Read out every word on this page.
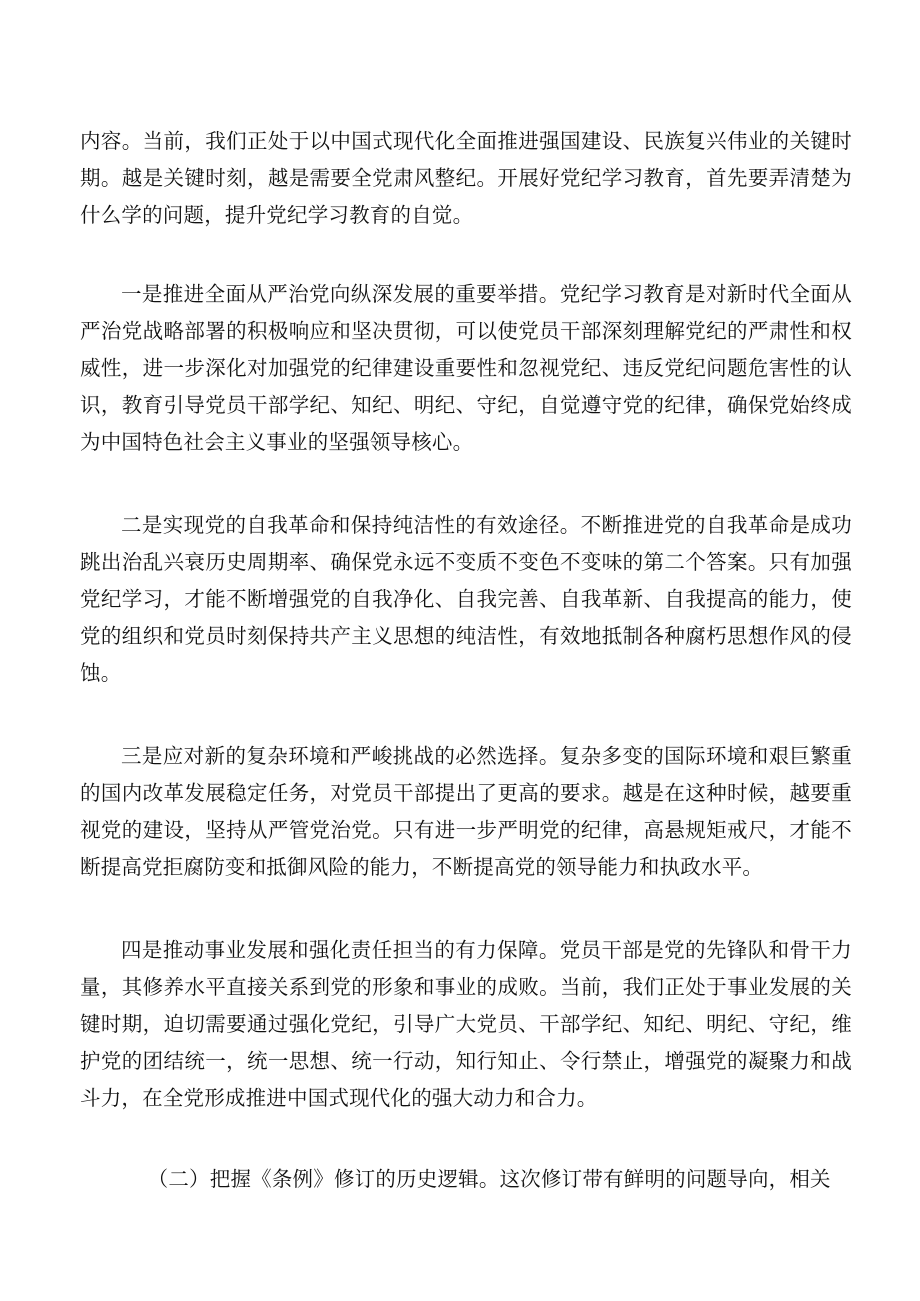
内容。当前，我们正处于以中国式现代化全面推进强国建设、民族复兴伟业的关键时期。越是关键时刻，越是需要全党肃风整纪。开展好党纪学习教育，首先要弄清楚为什么学的问题，提升党纪学习教育的自觉。

一是推进全面从严治党向纵深发展的重要举措。党纪学习教育是对新时代全面从严治党战略部署的积极响应和坚决贯彻，可以使党员干部深刻理解党纪的严肃性和权威性，进一步深化对加强党的纪律建设重要性和忽视党纪、违反党纪问题危害性的认识，教育引导党员干部学纪、知纪、明纪、守纪，自觉遵守党的纪律，确保党始终成为中国特色社会主义事业的坚强领导核心。

二是实现党的自我革命和保持纯洁性的有效途径。不断推进党的自我革命是成功跳出治乱兴衰历史周期率、确保党永远不变质不变色不变味的第二个答案。只有加强党纪学习，才能不断增强党的自我净化、自我完善、自我革新、自我提高的能力，使党的组织和党员时刻保持共产主义思想的纯洁性，有效地抵制各种腐朽思想作风的侵蚀。

三是应对新的复杂环境和严峻挑战的必然选择。复杂多变的国际环境和艰巨繁重的国内改革发展稳定任务，对党员干部提出了更高的要求。越是在这种时候，越要重视党的建设，坚持从严管党治党。只有进一步严明党的纪律，高悬规矩戒尺，才能不断提高党拒腐防变和抵御风险的能力，不断提高党的领导能力和执政水平。

四是推动事业发展和强化责任担当的有力保障。党员干部是党的先锋队和骨干力量，其修养水平直接关系到党的形象和事业的成败。当前，我们正处于事业发展的关键时期，迫切需要通过强化党纪，引导广大党员、干部学纪、知纪、明纪、守纪，维护党的团结统一，统一思想、统一行动，知行知止、令行禁止，增强党的凝聚力和战斗力，在全党形成推进中国式现代化的强大动力和合力。

（二）把握《条例》修订的历史逻辑。这次修订带有鲜明的问题导向，相关
